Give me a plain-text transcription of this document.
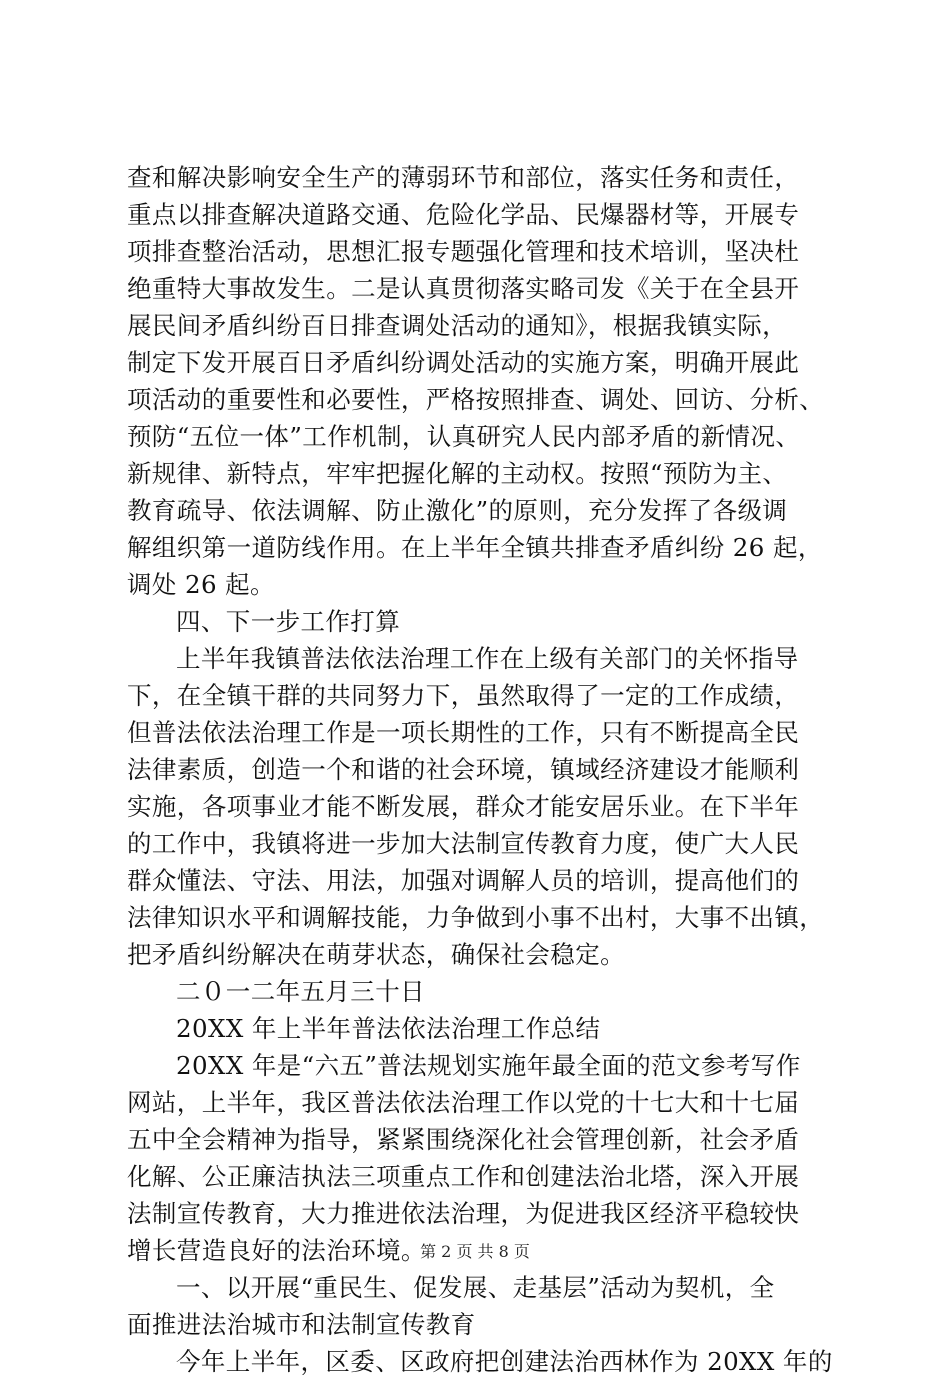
查和解决影响安全生产的薄弱环节和部位，落实任务和责任，
重点以排查解决道路交通、危险化学品、民爆器材等，开展专
项排查整治活动，思想汇报专题强化管理和技术培训，坚决杜
绝重特大事故发生。二是认真贯彻落实略司发《关于在全县开
展民间矛盾纠纷百日排查调处活动的通知》，根据我镇实际，
制定下发开展百日矛盾纠纷调处活动的实施方案，明确开展此
项活动的重要性和必要性，严格按照排查、调处、回访、分析、
预防“五位一体”工作机制，认真研究人民内部矛盾的新情况、
新规律、新特点，牢牢把握化解的主动权。按照“预防为主、
教育疏导、依法调解、防止激化”的原则，充分发挥了各级调
解组织第一道防线作用。在上半年全镇共排查矛盾纠纷 26 起，
调处 26 起。
四、下一步工作打算
上半年我镇普法依法治理工作在上级有关部门的关怀指导
下，在全镇干群的共同努力下，虽然取得了一定的工作成绩，
但普法依法治理工作是一项长期性的工作，只有不断提高全民
法律素质，创造一个和谐的社会环境，镇域经济建设才能顺利
实施，各项事业才能不断发展，群众才能安居乐业。在下半年
的工作中，我镇将进一步加大法制宣传教育力度，使广大人民
群众懂法、守法、用法，加强对调解人员的培训，提高他们的
法律知识水平和调解技能，力争做到小事不出村，大事不出镇，
把矛盾纠纷解决在萌芽状态，确保社会稳定。
二０一二年五月三十日
20XX 年上半年普法依法治理工作总结
20XX 年是“六五”普法规划实施年最全面的范文参考写作
网站，上半年，我区普法依法治理工作以党的十七大和十七届
五中全会精神为指导，紧紧围绕深化社会管理创新，社会矛盾
化解、公正廉洁执法三项重点工作和创建法治北塔，深入开展
法制宣传教育，大力推进依法治理，为促进我区经济平稳较快
增长营造良好的法治环境。
一、以开展“重民生、促发展、走基层”活动为契机，全
面推进法治城市和法制宣传教育
今年上半年，区委、区政府把创建法治西林作为 20XX 年的
第 2 页 共 8 页
